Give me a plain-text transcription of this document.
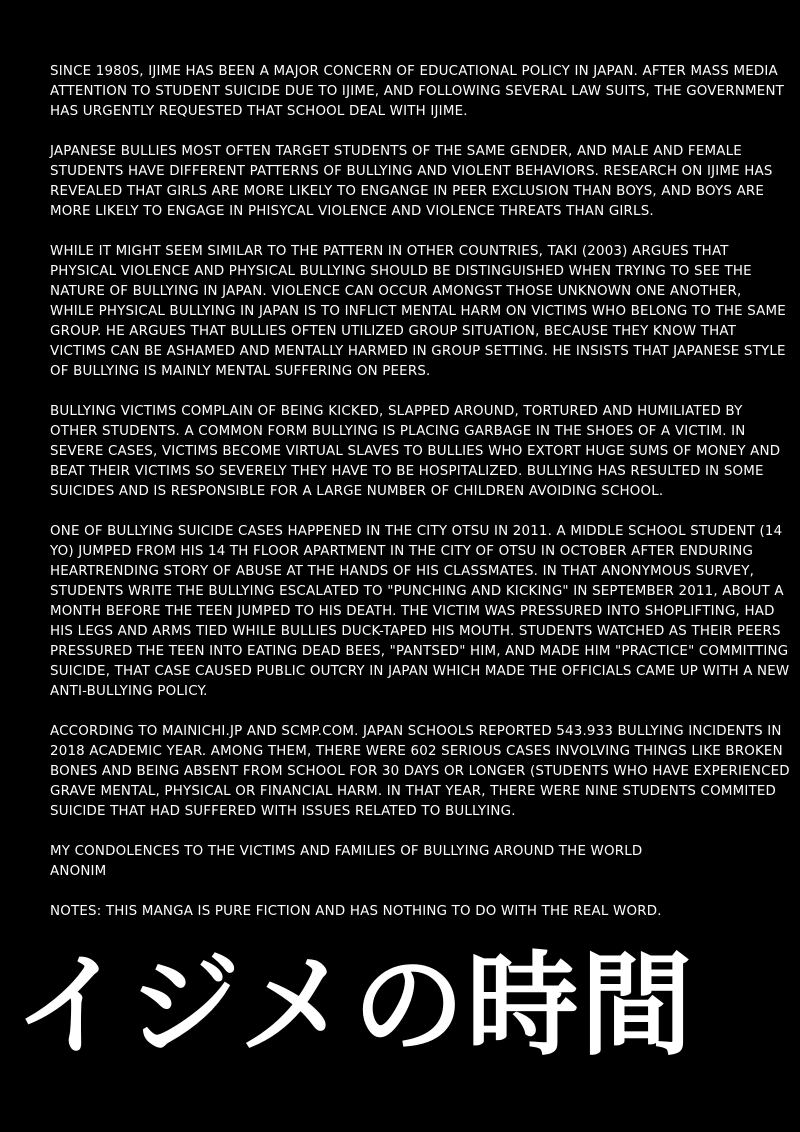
SINCE 1980S, IJIME HAS BEEN A MAJOR CONCERN OF EDUCATIONAL POLICY IN JAPAN. AFTER MASS MEDIA ATTENTION TO STUDENT SUICIDE DUE TO IJIME, AND FOLLOWING SEVERAL LAW SUITS, THE GOVERNMENT HAS URGENTLY REQUESTED THAT SCHOOL DEAL WITH IJIME.

JAPANESE BULLIES MOST OFTEN TARGET STUDENTS OF THE SAME GENDER, AND MALE AND FEMALE STUDENTS HAVE DIFFERENT PATTERNS OF BULLYING AND VIOLENT BEHAVIORS. RESEARCH ON IJIME HAS REVEALED THAT GIRLS ARE MORE LIKELY TO ENGANGE IN PEER EXCLUSION THAN BOYS, AND BOYS ARE MORE LIKELY TO ENGAGE IN PHISYCAL VIOLENCE AND VIOLENCE THREATS THAN GIRLS.

WHILE IT MIGHT SEEM SIMILAR TO THE PATTERN IN OTHER COUNTRIES, TAKI (2003) ARGUES THAT PHYSICAL VIOLENCE AND PHYSICAL BULLYING SHOULD BE DISTINGUISHED WHEN TRYING TO SEE THE NATURE OF BULLYING IN JAPAN. VIOLENCE CAN OCCUR AMONGST THOSE UNKNOWN ONE ANOTHER, WHILE PHYSICAL BULLYING IN JAPAN IS TO INFLICT MENTAL HARM ON VICTIMS WHO BELONG TO THE SAME GROUP. HE ARGUES THAT BULLIES OFTEN UTILIZED GROUP SITUATION, BECAUSE THEY KNOW THAT VICTIMS CAN BE ASHAMED AND MENTALLY HARMED IN GROUP SETTING. HE INSISTS THAT JAPANESE STYLE OF BULLYING IS MAINLY MENTAL SUFFERING ON PEERS.

BULLYING VICTIMS COMPLAIN OF BEING KICKED, SLAPPED AROUND, TORTURED AND HUMILIATED BY OTHER STUDENTS. A COMMON FORM BULLYING IS PLACING GARBAGE IN THE SHOES OF A VICTIM. IN SEVERE CASES, VICTIMS BECOME VIRTUAL SLAVES TO BULLIES WHO EXTORT HUGE SUMS OF MONEY AND BEAT THEIR VICTIMS SO SEVERELY THEY HAVE TO BE HOSPITALIZED. BULLYING HAS RESULTED IN SOME SUICIDES AND IS RESPONSIBLE FOR A LARGE NUMBER OF CHILDREN AVOIDING SCHOOL.

ONE OF BULLYING SUICIDE CASES HAPPENED IN THE CITY OTSU IN 2011. A MIDDLE SCHOOL STUDENT (14 YO) JUMPED FROM HIS 14 TH FLOOR APARTMENT IN THE CITY OF OTSU IN OCTOBER AFTER ENDURING HEARTRENDING STORY OF ABUSE AT THE HANDS OF HIS CLASSMATES. IN THAT ANONYMOUS SURVEY, STUDENTS WRITE THE BULLYING ESCALATED TO "PUNCHING AND KICKING" IN SEPTEMBER 2011, ABOUT A MONTH BEFORE THE TEEN JUMPED TO HIS DEATH. THE VICTIM WAS PRESSURED INTO SHOPLIFTING, HAD HIS LEGS AND ARMS TIED WHILE BULLIES DUCK-TAPED HIS MOUTH. STUDENTS WATCHED AS THEIR PEERS PRESSURED THE TEEN INTO EATING DEAD BEES, "PANTSED" HIM, AND MADE HIM "PRACTICE" COMMITTING SUICIDE, THAT CASE CAUSED PUBLIC OUTCRY IN JAPAN WHICH MADE THE OFFICIALS CAME UP WITH A NEW ANTI-BULLYING POLICY.

ACCORDING TO MAINICHI.JP AND SCMP.COM. JAPAN SCHOOLS REPORTED 543.933 BULLYING INCIDENTS IN 2018 ACADEMIC YEAR. AMONG THEM, THERE WERE 602 SERIOUS CASES INVOLVING THINGS LIKE BROKEN BONES AND BEING ABSENT FROM SCHOOL FOR 30 DAYS OR LONGER (STUDENTS WHO HAVE EXPERIENCED GRAVE MENTAL, PHYSICAL OR FINANCIAL HARM. IN THAT YEAR, THERE WERE NINE STUDENTS COMMITED SUICIDE THAT HAD SUFFERED WITH ISSUES RELATED TO BULLYING.

MY CONDOLENCES TO THE VICTIMS AND FAMILIES OF BULLYING AROUND THE WORLD
ANONIM

NOTES: THIS MANGA IS PURE FICTION AND HAS NOTHING TO DO WITH THE REAL WORD.

イジメの時間
